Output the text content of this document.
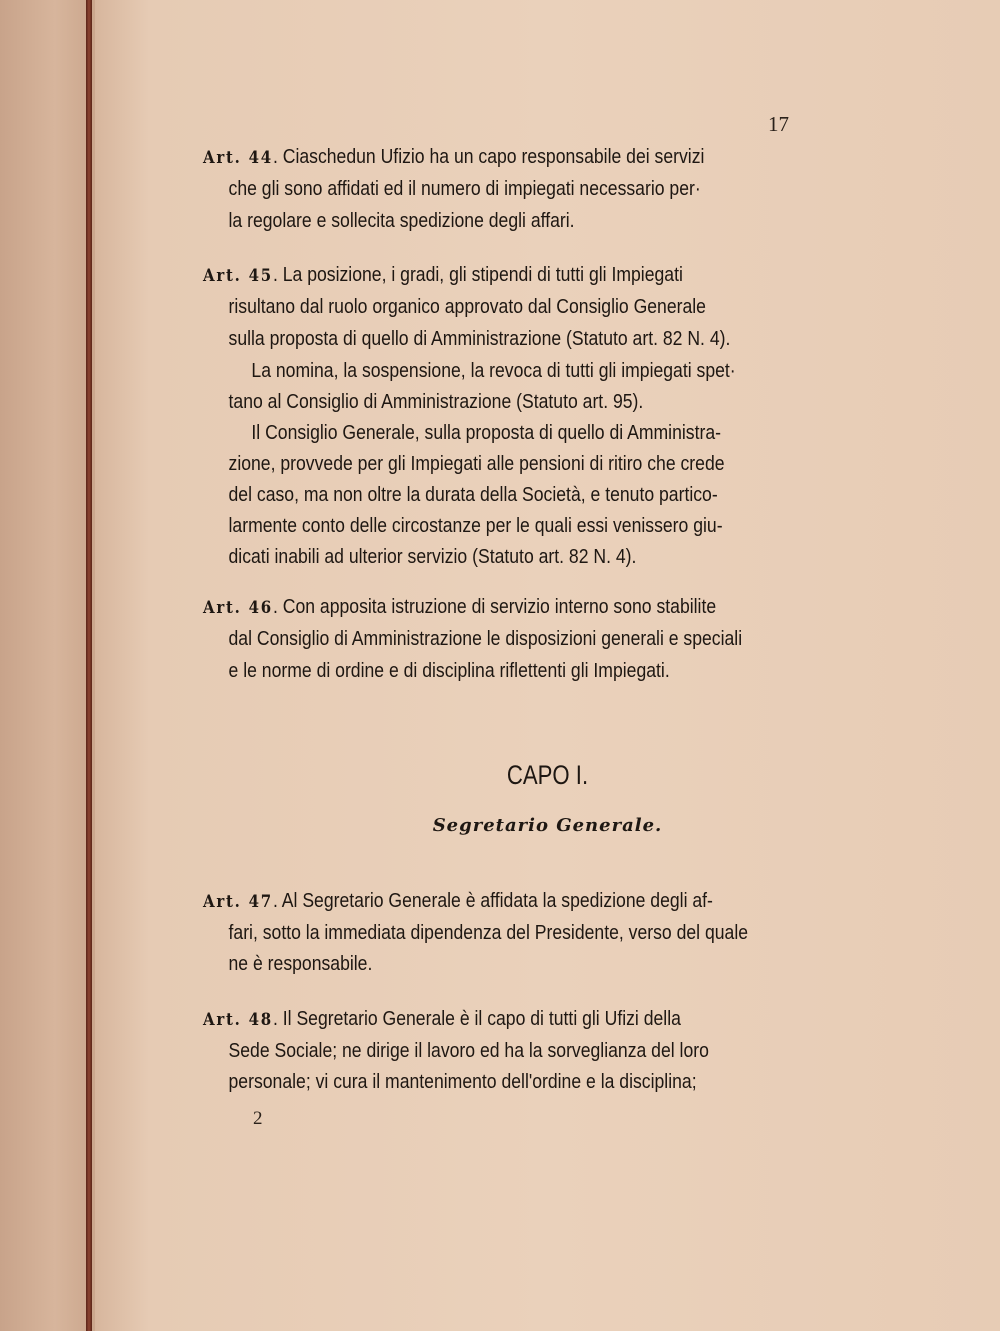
17
Art. 44. Ciaschedun Ufizio ha un capo responsabile dei servizi
che gli sono affidati ed il numero di impiegati necessario per·
la regolare e sollecita spedizione degli affari.
Art. 45. La posizione, i gradi, gli stipendi di tutti gli Impiegati
risultano dal ruolo organico approvato dal Consiglio Generale
sulla proposta di quello di Amministrazione (Statuto art. 82 N. 4).
La nomina, la sospensione, la revoca di tutti gli impiegati spet·
tano al Consiglio di Amministrazione (Statuto art. 95).
Il Consiglio Generale, sulla proposta di quello di Amministra-
zione, provvede per gli Impiegati alle pensioni di ritiro che crede
del caso, ma non oltre la durata della Società, e tenuto partico-
larmente conto delle circostanze per le quali essi venissero giu-
dicati inabili ad ulterior servizio (Statuto art. 82 N. 4).
Art. 46. Con apposita istruzione di servizio interno sono stabilite
dal Consiglio di Amministrazione le disposizioni generali e speciali
e le norme di ordine e di disciplina riflettenti gli Impiegati.
CAPO I.
Segretario Generale.
Art. 47. Al Segretario Generale è affidata la spedizione degli af-
fari, sotto la immediata dipendenza del Presidente, verso del quale
ne è responsabile.
Art. 48. Il Segretario Generale è il capo di tutti gli Ufizi della
Sede Sociale; ne dirige il lavoro ed ha la sorveglianza del loro
personale; vi cura il mantenimento dell'ordine e la disciplina;
2
